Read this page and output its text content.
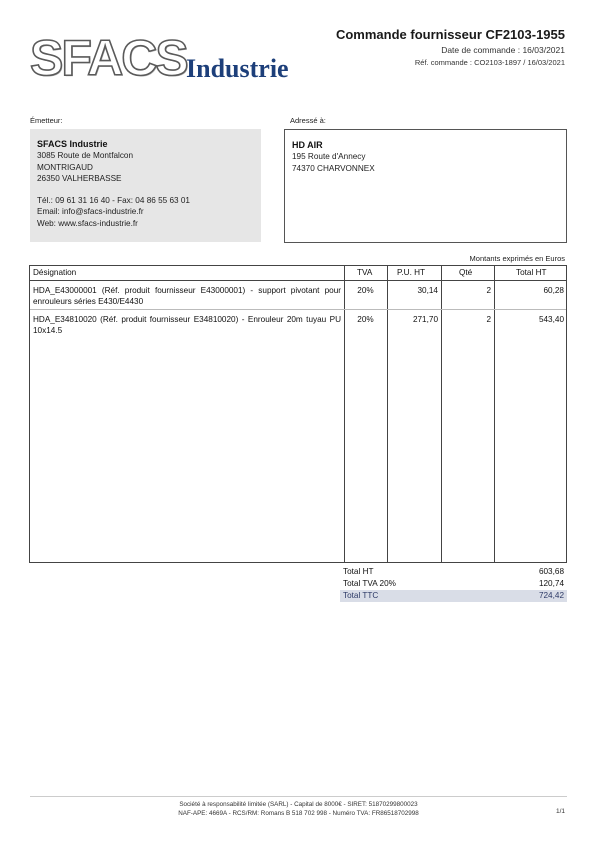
SFACS Industrie
Commande fournisseur CF2103-1955
Date de commande : 16/03/2021
Réf. commande : CO2103-1897 / 16/03/2021
Émetteur:	Adressé à:
SFACS Industrie
3085 Route de Montfalcon
MONTRIGAUD
26350 VALHERBASSE
Tél.: 09 61 31 16 40 - Fax: 04 86 55 63 01
Email: info@sfacs-industrie.fr
Web: www.sfacs-industrie.fr
HD AIR
195 Route d'Annecy
74370 CHARVONNEX
Montants exprimés en Euros
Désignation	TVA	P.U. HT	Qté	Total HT
HDA_E43000001 (Réf. produit fournisseur E43000001) - support pivotant pour enrouleurs séries E430/E4430
20%	30,14	2	60,28
HDA_E34810020 (Réf. produit fournisseur E34810020) - Enrouleur 20m tuyau PU 10x14.5
20%	271,70	2	543,40
Total HT	603,68
Total TVA 20%	120,74
Total TTC	724,42
Société à responsabilité limitée (SARL) - Capital de 8000€ - SIRET: 51870299800023
NAF-APE: 4669A - RCS/RM: Romans B 518 702 998 - Numéro TVA: FR86518702998	1/1
